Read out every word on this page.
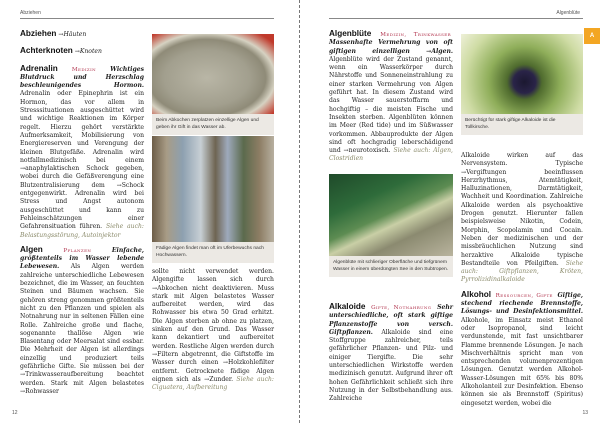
Abziehen

Abziehen →Häuten

Achterknoten →Knoten

Adrenalin	Medizin Wichtiges Blutdruck und Herzschlag beschleunigendes Hormon. Adrenalin oder Epinephrin ist ein Hormon, das vor allem in Stresssituationen ausgeschüttet wird und wichtige Reaktionen im Körper regelt. Hierzu gehört verstärkte Aufmerksamkeit, Mobilisierung von Energiereserven und Verengung der kleinen Blutgefäße. Adrenalin wird notfallmedizinisch bei einem →anaphylaktischen Schock gegeben, wobei durch die Gefäßverengung eine Blutzentralisierung dem →Schock entgegenwirkt. Adrenalin wird bei Stress und Angst autonom ausgeschüttet und kann zu Fehleinschätzungen einer Gefahrensituation führen. Siehe auch: Belastungsstörung, Autoinjektor

Algen	Pflanzen	Einfache, größtenteils im Wasser lebende Lebewesen. Als Algen werden zahlreiche unterschiedliche Lebewesen bezeichnet, die im Wasser, an feuchten Steinen und Bäumen wachsen. Sie gehören streng genommen größtenteils nicht zu den Pflanzen und spielen als Notnahrung nur in seltenen Fällen eine Rolle. Zahlreiche große und flache, sogenannte thallöse Algen wie Blasentang oder Meersalat sind essbar. Die Mehrheit der Algen ist allerdings einzellig und produziert teils gefährliche Gifte. Sie müssen bei der →Trinkwasseraufbereitung beachtet werden. Stark mit Algen belastetes →Rohwasser

Beim Abkochen zerplatzen einzellige Algen und geben ihr Gift in das Wasser ab.
Fädige Algen findet man oft im Uferbewuchs nach Hochwassern.

sollte nicht verwendet werden. Algengifte lassen sich durch →Abkochen nicht deaktivieren. Muss stark mit Algen belastetes Wasser aufbereitet werden, wird das Rohwasser bis etwa 50 Grad erhitzt. Die Algen sterben ab ohne zu platzen, sinken auf den Grund. Das Wasser kann dekantiert und aufbereitet werden. Restliche Algen werden durch →Filtern abgetrennt, die Giftstoffe im Wasser durch einen →Holzkohlefilter entfernt. Getrocknete fädige Algen eignen sich als →Zunder. Siehe auch: Ciguatera, Aufbereitung

12
Algenblüte

Algenblüte Medizin, Trinkwasser Massenhafte Vermehrung von oft giftigen einzelligen →Algen. Algenblüte wird der Zustand genannt, wenn ein Wasserkörper durch Nährstoffe und Sonneneinstrahlung zu einer starken Vermehrung von Algen geführt hat. In diesem Zustand wird das Wasser sauerstoffarm und hochgiftig – die meisten Fische und Insekten sterben. Algenblüten können im Meer (Red tide) und im Süßwasser vorkommen. Abbauprodukte der Algen sind oft hochgradig leberschädigend und →neurotoxisch. Siehe auch: Algen, Clostridien

Algenblüte mit schlieriger Oberfläche und tiefgrünem Wasser in einem überdüngten See in den Subtropen.

Alkaloide Gifte, Notnahrung Sehr unterschiedliche, oft stark giftige Pflanzenstoffe von versch. Giftpflanzen. Alkaloide sind eine Stoffgruppe zahlreicher, teils gefährlicher Pflanzen- und Pilz- und einiger Tiergifte. Die sehr unterschiedlichen Wirkstoffe werden medizinisch genutzt. Aufgrund ihrer oft hohen Gefährlichkeit schließt sich ihre Nutzung in der Selbstbehandlung aus. Zahlreiche

Berüchtigt für stark giftige Alkaloide ist die Tollkirsche.

Alkaloide wirken auf das Nervensystem. Typische →Vergiftungen beeinflussen Herzrhythmus, Atemtätigkeit, Halluzinationen, Darmtätigkeit, Wachheit und Koordination. Zahlreiche Alkaloide werden als psychoaktive Drogen genutzt. Hierunter fallen beispielsweise Nikotin, Codein, Morphin, Scopolamin und Cocain. Neben der medizinischen und der missbräuchlichen Nutzung sind herzaktive Alkaloide typische Bestandteile von Pfeilgiften. Siehe auch: Giftpflanzen, Kröten, Pyrrolizidinalkaloide

Alkohol Ressourcen, Gifte Giftige, stechend riechende Brennstoffe, Lösungs- und Desinfektionsmittel. Alkohole, im Einsatz meist Ethanol oder Isopropanol, sind leicht verdunstende, mit fast unsichtbarer Flamme brennende Lösungen. Je nach Mischverhältnis spricht man von entsprechenden volumenprozentigen Lösungen. Genutzt werden Alkohol-Wasser-Lösungen mit 65% bis 80% Alkoholanteil zur Desinfektion. Ebenso können sie als Brennstoff (Spiritus) eingesetzt werden, wobei die

13
A
